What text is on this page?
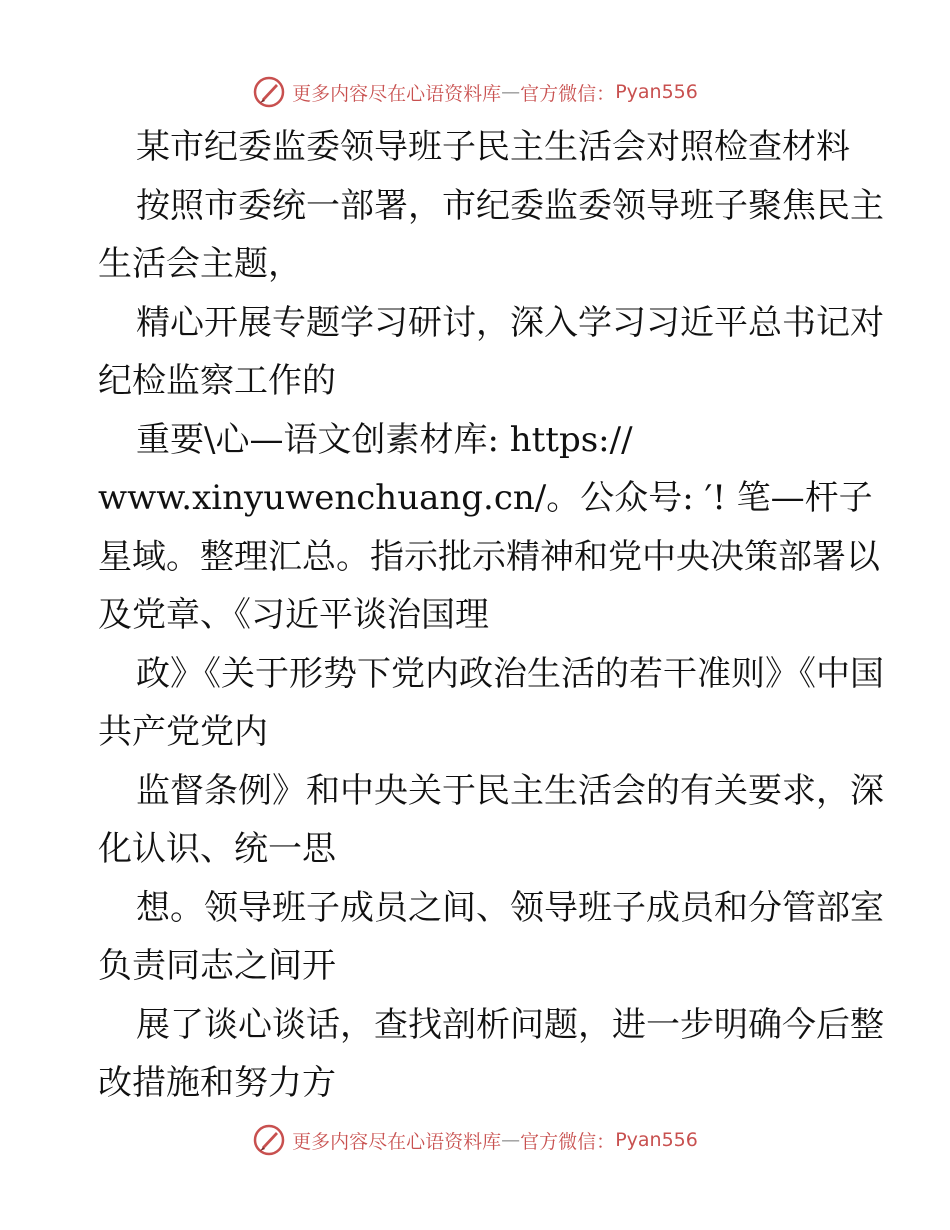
更多内容尽在心语资料库 — 官方微信： Pyan556

某市纪委监委领导班子民主生活会对照检查材料

按照市委统一部署，市纪委监委领导班子聚焦民主生活会主题，

精心开展专题学习研讨，深入学习习近平总书记对纪检监察工作的

重要\心—语文创素材库: https://

www.xinyuwenchuang.cn/。公众号: ′! 笔—杆子星域。整理汇总。指示批示精神和党中央决策部署以及党章、《习近平谈治国理

政》《关于形势下党内政治生活的若干准则》《中国共产党党内

监督条例》和中央关于民主生活会的有关要求，深化认识、统一思

想。领导班子成员之间、领导班子成员和分管部室负责同志之间开

展了谈心谈话，查找剖析问题，进一步明确今后整改措施和努力方

更多内容尽在心语资料库 — 官方微信： Pyan556
